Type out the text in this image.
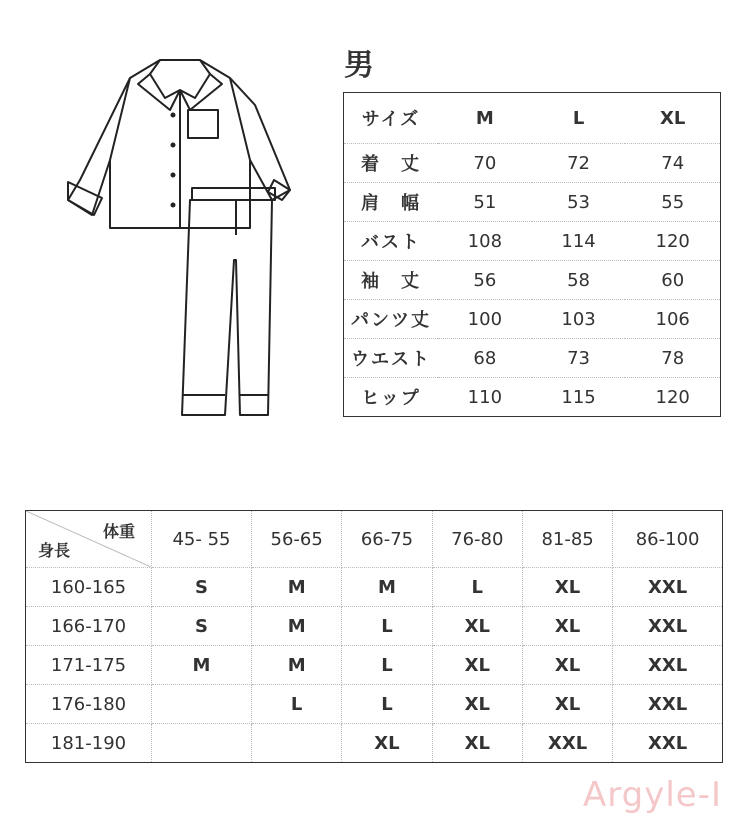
男
サイズ	M	L	XL
着　丈	70	72	74
肩　幅	51	53	55
バスト	108	114	120
袖　丈	56	58	60
パンツ丈	100	103	106
ウエスト	68	73	78
ヒップ	110	115	120
体重
身長	45- 55	56-65	66-75	76-80	81-85	86-100
160-165	S	M	M	L	XL	XXL
166-170	S	M	L	XL	XL	XXL
171-175	M	M	L	XL	XL	XXL
176-180		L	L	XL	XL	XXL
181-190			XL	XL	XXL	XXL
Argyle-I
